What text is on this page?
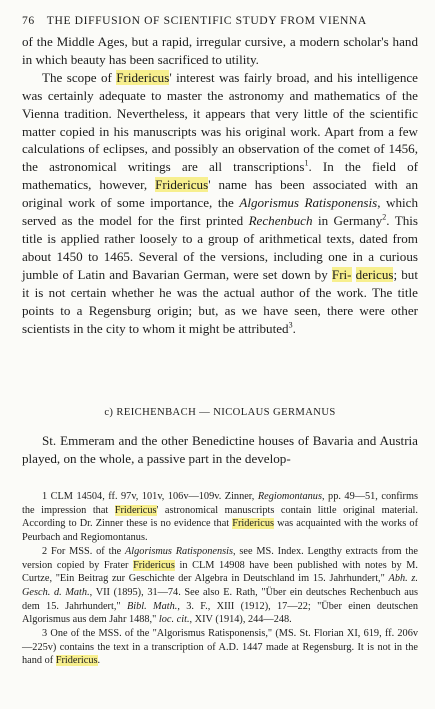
76 THE DIFFUSION OF SCIENTIFIC STUDY FROM VIENNA

of the Middle Ages, but a rapid, irregular cursive, a modern scholar's hand in which beauty has been sacrificed to utility.

The scope of Fridericus' interest was fairly broad, and his intelligence was certainly adequate to master the astronomy and mathematics of the Vienna tradition. Nevertheless, it appears that very little of the scientific matter copied in his manuscripts was his original work. Apart from a few calculations of eclipses, and possibly an observation of the comet of 1456, the astronomical writings are all transcriptions$^1$. In the field of mathematics, however, Fridericus' name has been associated with an original work of some importance, the Algorismus Ratisponensis, which served as the model for the first printed Rechenbuch in Germany$^2$. This title is applied rather loosely to a group of arithmetical texts, dated from about 1450 to 1465. Several of the versions, including one in a curious jumble of Latin and Bavarian German, were set down by Fri- dericus; but it is not certain whether he was the actual author of the work. The title points to a Regensburg origin; but, as we have seen, there were other scientists in the city to whom it might be attributed$^3$.

c) REICHENBACH — NICOLAUS GERMANUS

St. Emmeram and the other Benedictine houses of Bavaria and Austria played, on the whole, a passive part in the develop-

1 CLM 14504, ff. 97v, 101v, 106v—109v. Zinner, Regiomontanus, pp. 49—51, confirms the impression that Fridericus' astronomical manuscripts contain little original material. According to Dr. Zinner these is no evidence that Fridericus was acquainted with the works of Peurbach and Regiomontanus.

2 For MSS. of the Algorismus Ratisponensis, see MS. Index. Lengthy extracts from the version copied by Frater Fridericus in CLM 14908 have been published with notes by M. Curtze, "Ein Beitrag zur Geschichte der Algebra in Deutschland im 15. Jahrhundert," Abh. z. Gesch. d. Math., VII (1895), 31—74. See also E. Rath, "Über ein deutsches Rechenbuch aus dem 15. Jahrhundert," Bibl. Math., 3. F., XIII (1912), 17—22; "Über einen deutschen Algorismus aus dem Jahr 1488," loc. cit., XIV (1914), 244—248.

3 One of the MSS. of the "Algorismus Ratisponensis," (MS. St. Florian XI, 619, ff. 206v—225v) contains the text in a transcription of A.D. 1447 made at Regensburg. It is not in the hand of Fridericus.
